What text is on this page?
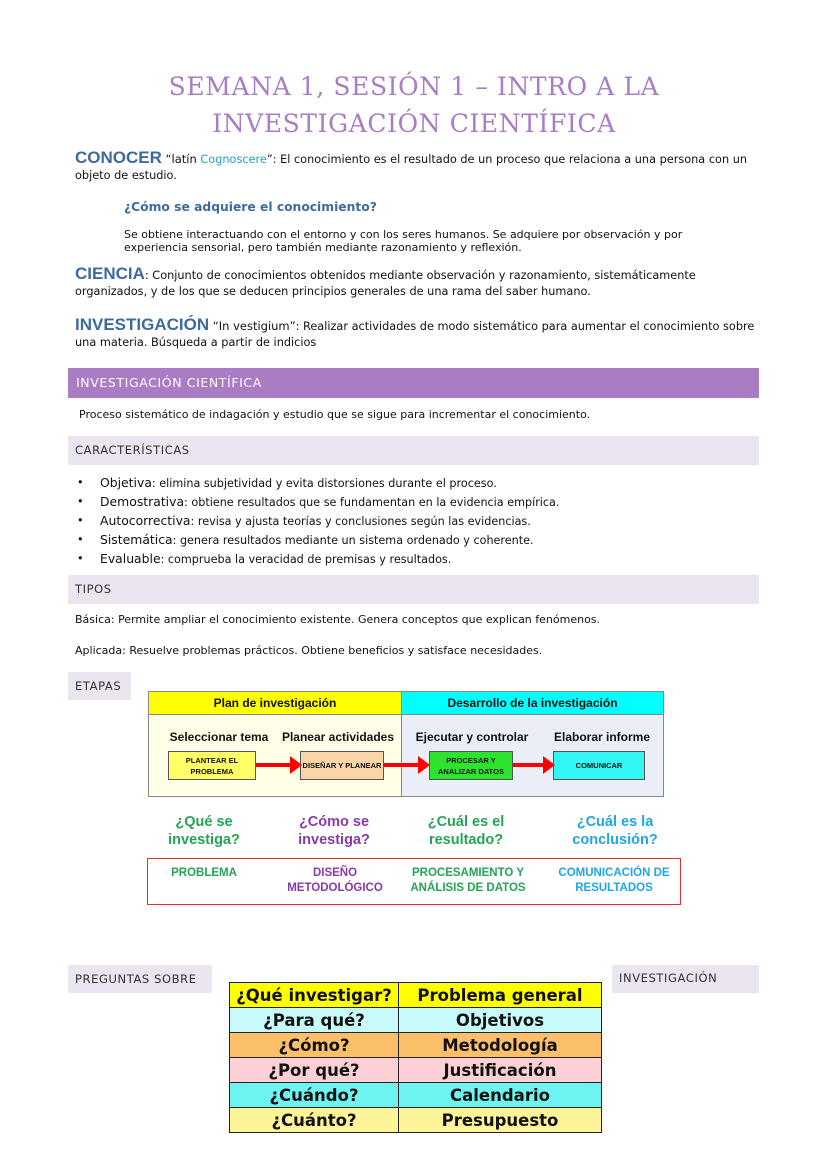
SEMANA 1, SESIÓN 1 – INTRO A LA INVESTIGACIÓN CIENTÍFICA
CONOCER “latín Cognoscere”: El conocimiento es el resultado de un proceso que relaciona a una persona con un objeto de estudio.
¿Cómo se adquiere el conocimiento?
Se obtiene interactuando con el entorno y con los seres humanos. Se adquiere por observación y por experiencia sensorial, pero también mediante razonamiento y reflexión.
CIENCIA: Conjunto de conocimientos obtenidos mediante observación y razonamiento, sistemáticamente organizados, y de los que se deducen principios generales de una rama del saber humano.
INVESTIGACIÓN “In vestigium”: Realizar actividades de modo sistemático para aumentar el conocimiento sobre una materia. Búsqueda a partir de indicios
INVESTIGACIÓN CIENTÍFICA
Proceso sistemático de indagación y estudio que se sigue para incrementar el conocimiento.
CARACTERÍSTICAS
• Objetiva: elimina subjetividad y evita distorsiones durante el proceso.
• Demostrativa: obtiene resultados que se fundamentan en la evidencia empírica.
• Autocorrectiva: revisa y ajusta teorías y conclusiones según las evidencias.
• Sistemática: genera resultados mediante un sistema ordenado y coherente.
• Evaluable: comprueba la veracidad de premisas y resultados.
TIPOS
Básica: Permite ampliar el conocimiento existente. Genera conceptos que explican fenómenos.
Aplicada: Resuelve problemas prácticos. Obtiene beneficios y satisface necesidades.
ETAPAS
Plan de investigación	Desarrollo de la investigación
Seleccionar tema	Planear actividades	Ejecutar y controlar	Elaborar informe
PLANTEAR EL PROBLEMA
DISEÑAR Y PLANEAR
PROCESAR Y ANALIZAR DATOS
COMUNICAR
¿Qué se investiga?
¿Cómo se investiga?
¿Cuál es el resultado?
¿Cuál es la conclusión?
PROBLEMA	DISEÑO METODOLÓGICO
PROCESAMIENTO Y ANÁLISIS DE DATOS
COMUNICACIÓN DE RESULTADOS
PREGUNTAS SOBRE	INVESTIGACIÓN
¿Qué investigar?	Problema general
¿Para qué?	Objetivos
¿Cómo?	Metodología
¿Por qué?	Justificación
¿Cuándo?	Calendario
¿Cuánto?	Presupuesto
